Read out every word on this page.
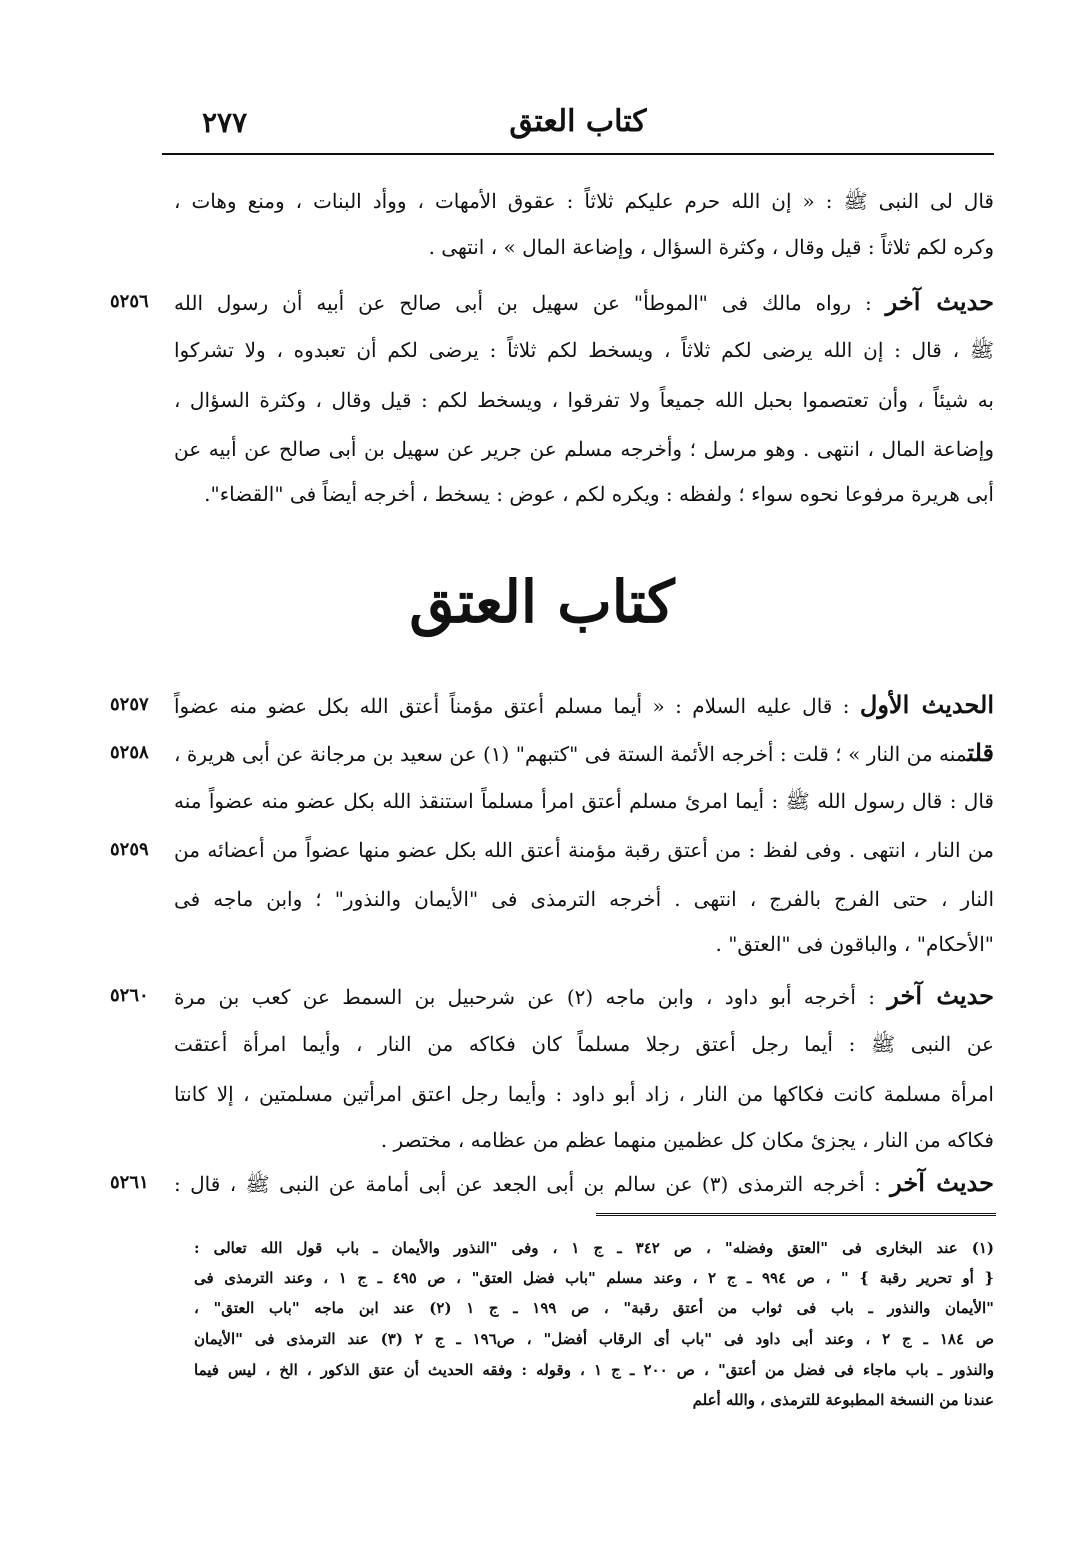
كتاب العتق
٢٧٧
قال لى النبى ﷺ : « إن الله حرم عليكم ثلاثاً : عقوق الأمهات ، ووأد البنات ، ومنع وهات ،
وكره لكم ثلاثاً : قيل وقال ، وكثرة السؤال ، وإضاعة المال » ، انتهى .
حديث آخر : رواه مالك فى "الموطأ" عن سهيل بن أبى صالح عن أبيه أن رسول الله
٥٢٥٦
ﷺ ، قال : إن الله يرضى لكم ثلاثاً ، ويسخط لكم ثلاثاً : يرضى لكم أن تعبدوه ، ولا تشركوا
به شيئاً ، وأن تعتصموا بحبل الله جميعاً ولا تفرقوا ، ويسخط لكم : قيل وقال ، وكثرة السؤال ،
وإضاعة المال ، انتهى . وهو مرسل ؛ وأخرجه مسلم عن جرير عن سهيل بن أبى صالح عن أبيه عن
أبى هريرة مرفوعا نحوه سواء ؛ ولفظه : ويكره لكم ، عوض : يسخط ، أخرجه أيضاً فى "القضاء".
كتاب العتق
الحديث الأول : قال عليه السلام : « أيما مسلم أعتق مؤمناً أعتق الله بكل عضو منه عضواً
٥٢٥٧
قلتمنه من النار » ؛ قلت : أخرجه الأئمة الستة فى "كتبهم" (١) عن سعيد بن مرجانة عن أبى هريرة ،
٥٢٥٨
قال : قال رسول الله ﷺ : أيما امرئ مسلم أعتق امرأ مسلماً استنقذ الله بكل عضو منه عضواً منه
من النار ، انتهى . وفى لفظ : من أعتق رقبة مؤمنة أعتق الله بكل عضو منها عضواً من أعضائه من
٥٢٥٩
النار ، حتى الفرج بالفرج ، انتهى . أخرجه الترمذى فى "الأيمان والنذور" ؛ وابن ماجه فى
"الأحكام" ، والباقون فى "العتق" .
حديث آخر : أخرجه أبو داود ، وابن ماجه (٢) عن شرحبيل بن السمط عن كعب بن مرة
٥٢٦٠
عن النبى ﷺ : أيما رجل أعتق رجلا مسلماً كان فكاكه من النار ، وأيما امرأة أعتقت
امرأة مسلمة كانت فكاكها من النار ، زاد أبو داود : وأيما رجل اعتق امرأتين مسلمتين ، إلا كانتا
فكاكه من النار ، يجزئ مكان كل عظمين منهما عظم من عظامه ، مختصر .
حديث آخر : أخرجه الترمذى (٣) عن سالم بن أبى الجعد عن أبى أمامة عن النبى ﷺ ، قال :
٥٢٦١
(١) عند البخارى فى "العتق وفضله" ، ص ٣٤٢ ـ ج ١ ، وفى "النذور والأيمان ـ باب قول الله تعالى :
{ أو تحرير رقبة } " ، ص ٩٩٤ ـ ج ٢ ، وعند مسلم "باب فضل العتق" ، ص ٤٩٥ ـ ج ١ ، وعند الترمذى فى
"الأيمان والنذور ـ باب فى ثواب من أعتق رقبة" ، ص ١٩٩ ـ ج ١ (٢) عند ابن ماجه "باب العتق" ،
ص ١٨٤ ـ ج ٢ ، وعند أبى داود فى "باب أى الرقاب أفضل" ، ص١٩٦ ـ ج ٢ (٣) عند الترمذى فى "الأيمان
والنذور ـ باب ماجاء فى فضل من أعتق" ، ص ٢٠٠ ـ ج ١ ، وقوله : وفقه الحديث أن عتق الذكور ، الخ ، ليس فيما
عندنا من النسخة المطبوعة للترمذى ، والله أعلم
